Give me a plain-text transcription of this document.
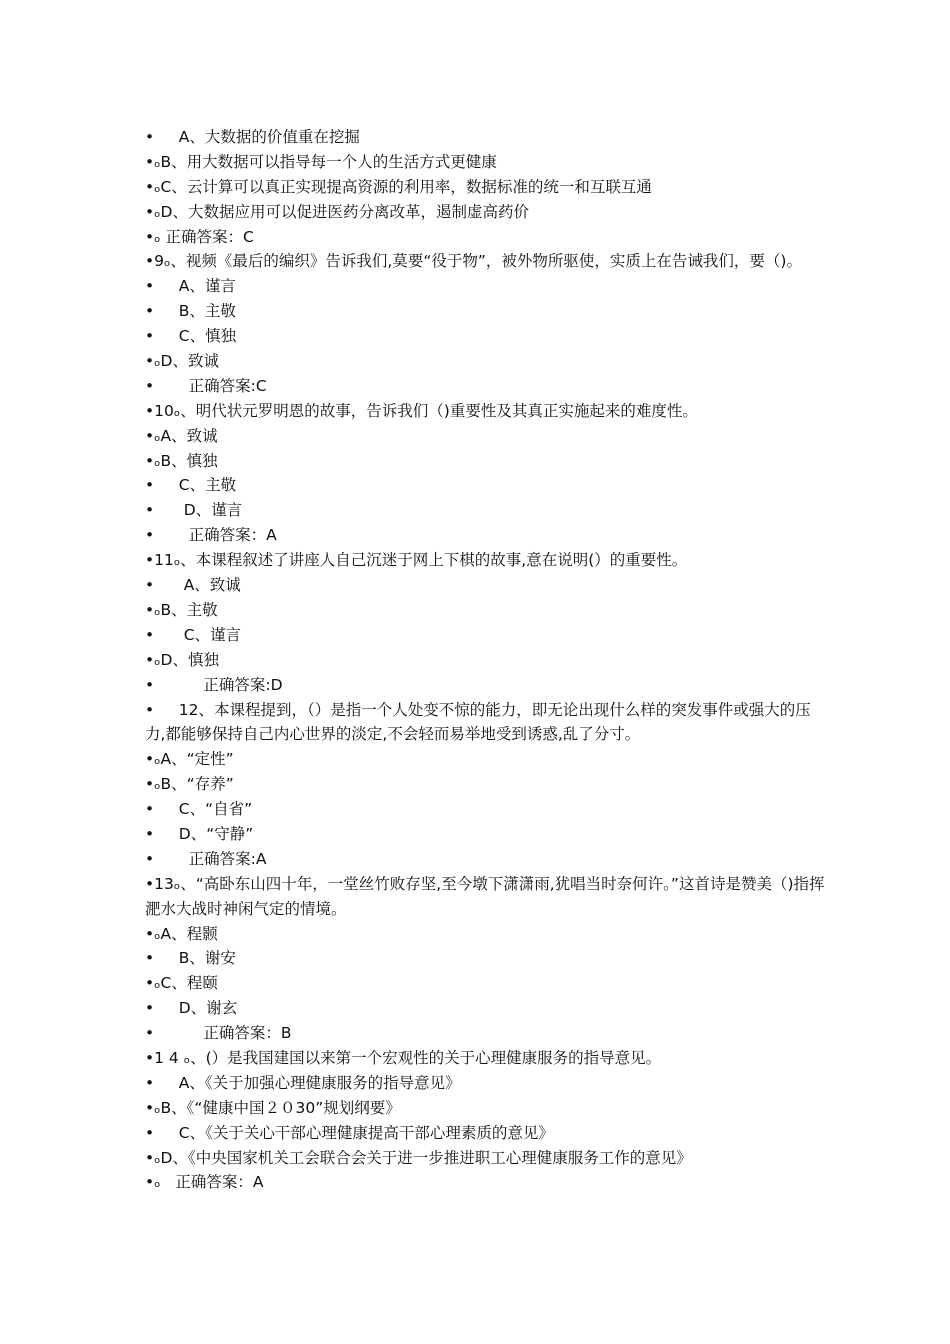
•     A、大数据的价值重在挖掘
•ₒB、用大数据可以指导每一个人的生活方式更健康
•ₒC、云计算可以真正实现提高资源的利用率，数据标准的统一和互联互通
•ₒD、大数据应用可以促进医药分离改革，遏制虚高药价
•ₒ 正确答案：C
•9ₒ、视频《最后的编织》告诉我们,莫要“役于物”，被外物所驱使，实质上在告诫我们，要（)。
•     A、谨言
•     B、主敬
•     C、慎独
•ₒD、致诚
•       正确答案:C
•10ₒ、明代状元罗明恩的故事，告诉我们（)重要性及其真正实施起来的难度性。
•ₒA、致诚
•ₒB、慎独
•     C、主敬
•      D、谨言
•       正确答案：A
•11ₒ、本课程叙述了讲座人自己沉迷于网上下棋的故事,意在说明(）的重要性。
•      A、致诚
•ₒB、主敬
•      C、谨言
•ₒD、慎独
•          正确答案:D
•     12、本课程提到，（）是指一个人处变不惊的能力，即无论出现什么样的突发事件或强大的压力,都能够保持自己内心世界的淡定,不会轻而易举地受到诱惑,乱了分寸。
•ₒA、“定性”
•ₒB、“存养”
•     C、“自省”
•     D、“守静”
•       正确答案:A
•13ₒ、“高卧东山四十年，一堂丝竹败存坚,至今墩下潇潇雨,犹唱当时奈何许。”这首诗是赞美（)指挥淝水大战时神闲气定的情境。
•ₒA、程颢
•     B、谢安
•ₒC、程颐
•     D、谢玄
•          正确答案：B
•1 4 ₒ、(）是我国建国以来第一个宏观性的关于心理健康服务的指导意见。
•     A、《关于加强心理健康服务的指导意见》
•ₒB、《“健康中国２０30”规划纲要》
•     C、《关于关心干部心理健康提高干部心理素质的意见》
•ₒD、《中央国家机关工会联合会关于进一步推进职工心理健康服务工作的意见》
•ₒ   正确答案：A
